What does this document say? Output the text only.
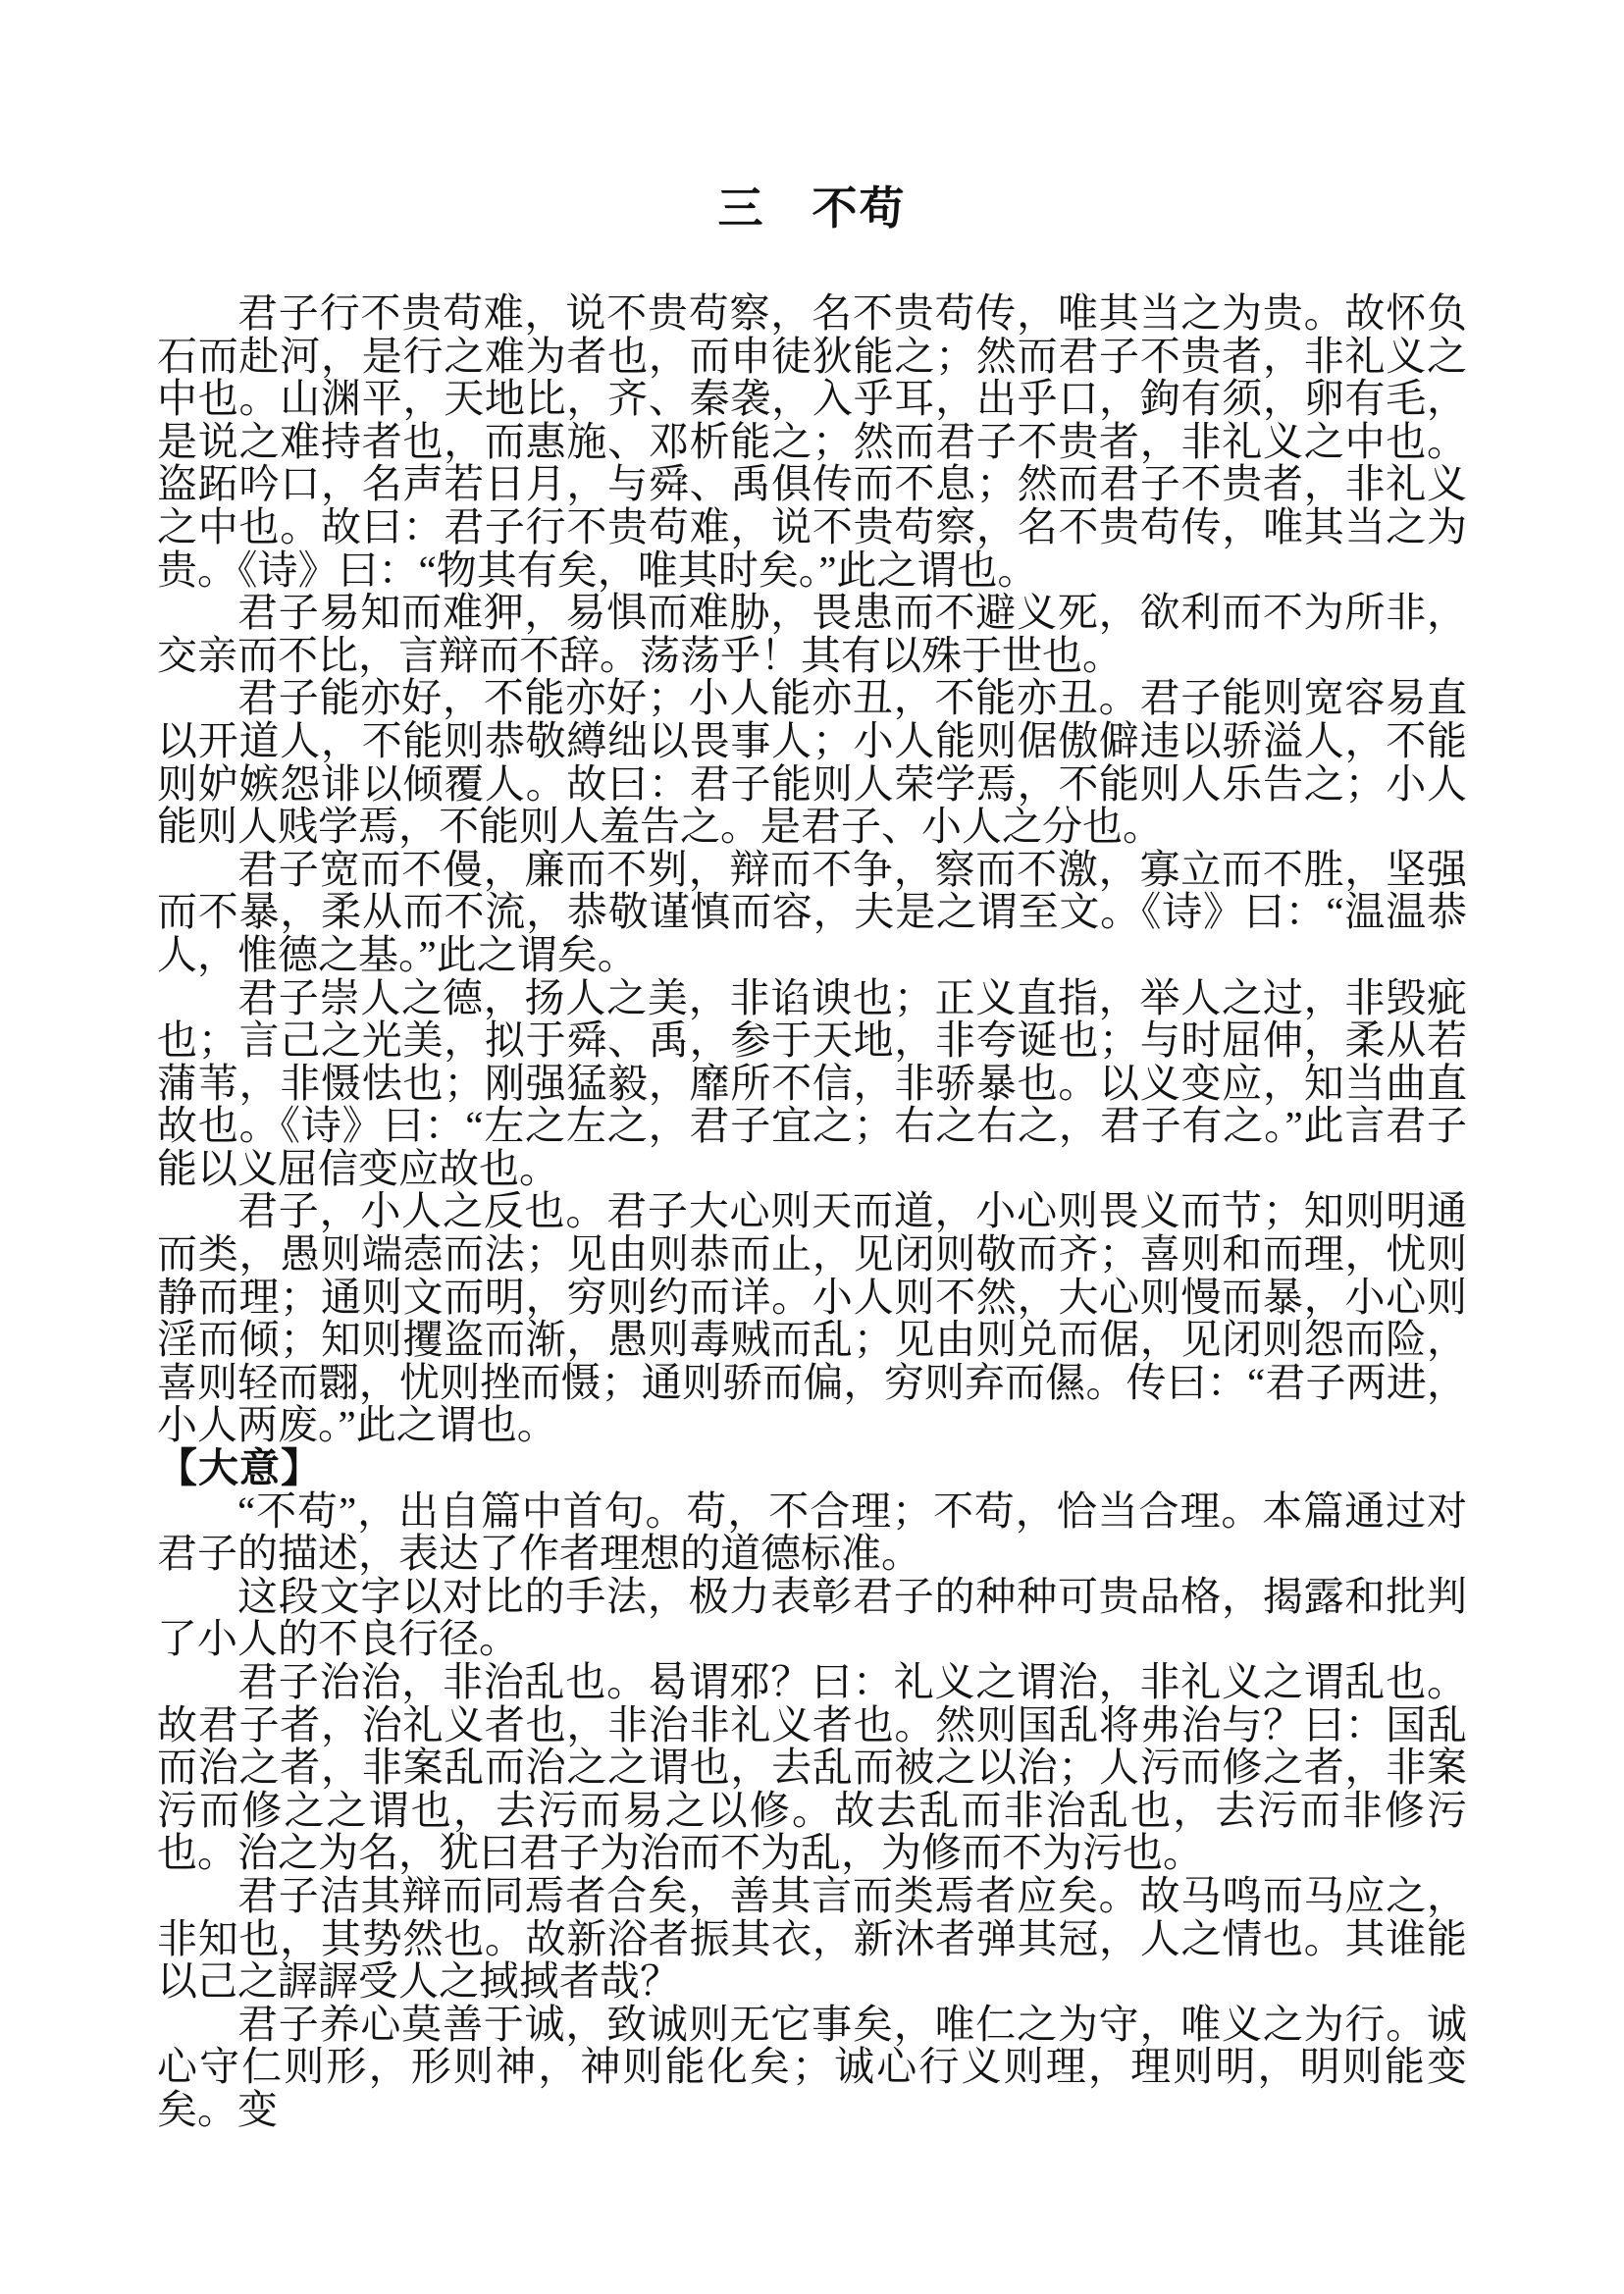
三　不苟

君子行不贵苟难，说不贵苟察，名不贵苟传，唯其当之为贵。故怀负石而赴河，是行之难为者也，而申徒狄能之；然而君子不贵者，非礼义之中也。山渊平，天地比，齐、秦袭，入乎耳，出乎口，鉤有须，卵有毛，是说之难持者也，而惠施、邓析能之；然而君子不贵者，非礼义之中也。盗跖吟口，名声若日月，与舜、禹俱传而不息；然而君子不贵者，非礼义之中也。故曰：君子行不贵苟难，说不贵苟察，名不贵苟传，唯其当之为贵。《诗》曰：“物其有矣，唯其时矣。”此之谓也。

君子易知而难狎，易惧而难胁，畏患而不避义死，欲利而不为所非，交亲而不比，言辩而不辞。荡荡乎！其有以殊于世也。

君子能亦好，不能亦好；小人能亦丑，不能亦丑。君子能则宽容易直以开道人，不能则恭敬繜绌以畏事人；小人能则倨傲僻违以骄溢人，不能则妒嫉怨诽以倾覆人。故曰：君子能则人荣学焉，不能则人乐告之；小人能则人贱学焉，不能则人羞告之。是君子、小人之分也。

君子宽而不僈，廉而不刿，辩而不争，察而不激，寡立而不胜，坚强而不暴，柔从而不流，恭敬谨慎而容，夫是之谓至文。《诗》曰：“温温恭人，惟德之基。”此之谓矣。

君子崇人之德，扬人之美，非谄谀也；正义直指，举人之过，非毁疵也；言己之光美，拟于舜、禹，参于天地，非夸诞也；与时屈伸，柔从若蒲苇，非慑怯也；刚强猛毅，靡所不信，非骄暴也。以义变应，知当曲直故也。《诗》曰：“左之左之，君子宜之；右之右之，君子有之。”此言君子能以义屈信变应故也。

君子，小人之反也。君子大心则天而道，小心则畏义而节；知则明通而类，愚则端悫而法；见由则恭而止，见闭则敬而齐；喜则和而理，忧则静而理；通则文而明，穷则约而详。小人则不然，大心则慢而暴，小心则淫而倾；知则攫盗而渐，愚则毒贼而乱；见由则兑而倨，见闭则怨而险，喜则轻而翾，忧则挫而慑；通则骄而偏，穷则弃而儑。传曰：“君子两进，小人两废。”此之谓也。

【大意】

“不苟”，出自篇中首句。苟，不合理；不苟，恰当合理。本篇通过对君子的描述，表达了作者理想的道德标准。

这段文字以对比的手法，极力表彰君子的种种可贵品格，揭露和批判了小人的不良行径。

君子治治，非治乱也。曷谓邪？曰：礼义之谓治，非礼义之谓乱也。故君子者，治礼义者也，非治非礼义者也。然则国乱将弗治与？曰：国乱而治之者，非案乱而治之之谓也，去乱而被之以治；人污而修之者，非案污而修之之谓也，去污而易之以修。故去乱而非治乱也，去污而非修污也。治之为名，犹曰君子为治而不为乱，为修而不为污也。

君子洁其辩而同焉者合矣，善其言而类焉者应矣。故马鸣而马应之，非知也，其势然也。故新浴者振其衣，新沐者弹其冠，人之情也。其谁能以己之謘謘受人之掝掝者哉？

君子养心莫善于诚，致诚则无它事矣，唯仁之为守，唯义之为行。诚心守仁则形，形则神，神则能化矣；诚心行义则理，理则明，明则能变矣。变
